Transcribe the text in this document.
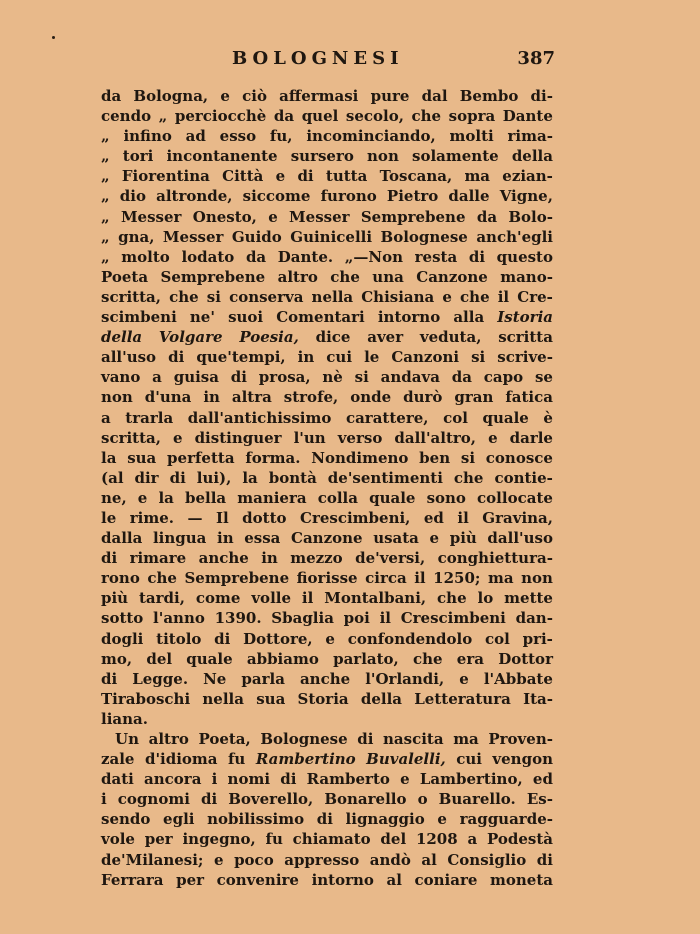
BOLOGNESI	387
da Bologna, e ciò affermasi pure dal Bembo di-
cendo „ perciocchè da quel secolo, che sopra Dante
„ infino ad esso fu, incominciando, molti rima-
„ tori incontanente sursero non solamente della
„ Fiorentina Città e di tutta Toscana, ma ezian-
„ dio altronde, siccome furono Pietro dalle Vigne,
„ Messer Onesto, e Messer Semprebene da Bolo-
„ gna, Messer Guido Guinicelli Bolognese anch'egli
„ molto lodato da Dante. „—Non resta di questo
Poeta Semprebene altro che una Canzone mano-
scritta, che si conserva nella Chisiana e che il Cre-
scimbeni ne' suoi Comentari intorno alla Istoria
della Volgare Poesia, dice aver veduta, scritta
all'uso di que'tempi, in cui le Canzoni si scrive-
vano a guisa di prosa, nè si andava da capo se
non d'una in altra strofe, onde durò gran fatica
a trarla dall'antichissimo carattere, col quale è
scritta, e distinguer l'un verso dall'altro, e darle
la sua perfetta forma. Nondimeno ben si conosce
(al dir di lui), la bontà de'sentimenti che contie-
ne, e la bella maniera colla quale sono collocate
le rime. — Il dotto Crescimbeni, ed il Gravina,
dalla lingua in essa Canzone usata e più dall'uso
di rimare anche in mezzo de'versi, conghiettura-
rono che Semprebene fiorisse circa il 1250; ma non
più tardi, come volle il Montalbani, che lo mette
sotto l'anno 1390. Sbaglia poi il Crescimbeni dan-
dogli titolo di Dottore, e confondendolo col pri-
mo, del quale abbiamo parlato, che era Dottor
di Legge. Ne parla anche l'Orlandi, e l'Abbate
Tiraboschi nella sua Storia della Letteratura Ita-
liana.
Un altro Poeta, Bolognese di nascita ma Proven-
zale d'idioma fu Rambertino Buvalelli, cui vengon
dati ancora i nomi di Ramberto e Lambertino, ed
i cognomi di Boverello, Bonarello o Buarello. Es-
sendo egli nobilissimo di lignaggio e ragguarde-
vole per ingegno, fu chiamato del 1208 a Podestà
de'Milanesi; e poco appresso andò al Consiglio di
Ferrara per convenire intorno al coniare moneta
